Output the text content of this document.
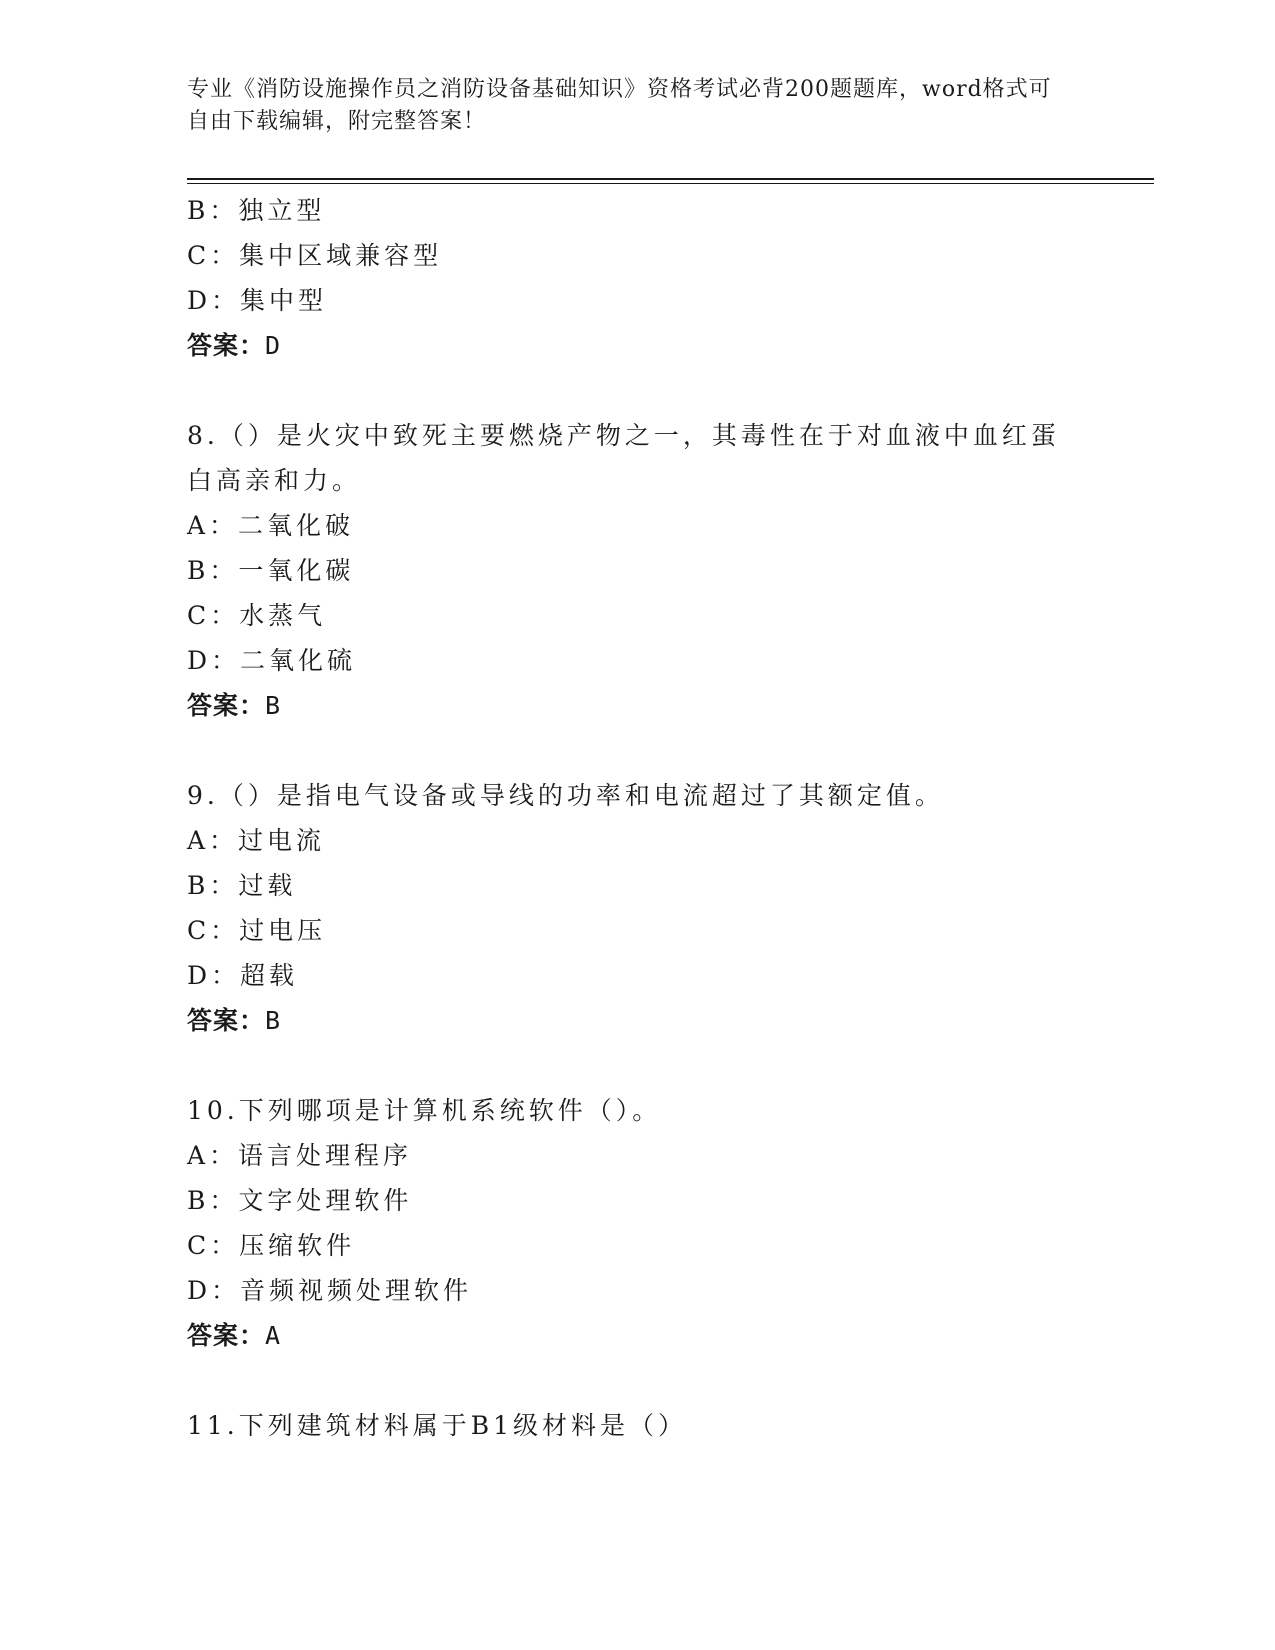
专业《消防设施操作员之消防设备基础知识》资格考试必背200题题库，word格式可自由下载编辑，附完整答案！
B：独立型
C：集中区域兼容型
D：集中型
答案：D
8.（）是火灾中致死主要燃烧产物之一，其毒性在于对血液中血红蛋
白高亲和力。
A：二氧化破
B：一氧化碳
C：水蒸气
D：二氧化硫
答案：B
9.（）是指电气设备或导线的功率和电流超过了其额定值。
A：过电流
B：过载
C：过电压
D：超载
答案：B
10.下列哪项是计算机系统软件（）。
A：语言处理程序
B：文字处理软件
C：压缩软件
D：音频视频处理软件
答案：A
11.下列建筑材料属于B1级材料是（）
